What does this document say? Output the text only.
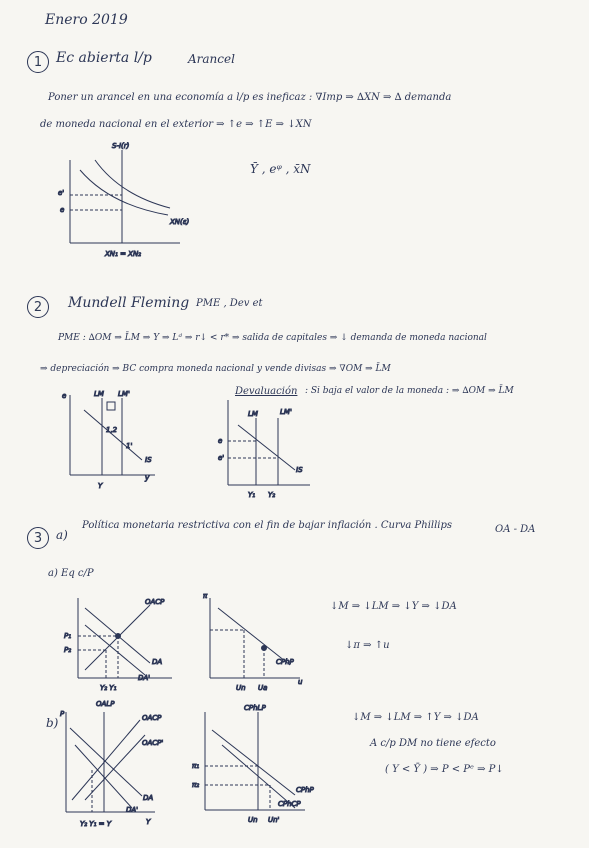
Enero 2019
1 Ec abierta l/p	Arancel
Poner un arancel en una economía a l/p es ineficaz : ∇Imp ⇒ ∆XN ⇒ ∆ demanda
de moneda nacional en el exterior ⇒ ↑e ⇒ ↑E ⇒ ↓XN
Ȳ , eᵠ , x̄N
2	Mundell Fleming PME , Dev et
PME : ∆OM ⇒ L̄M ⇒ Y ⇒ Lᵈ ⇒ r↓ < r* ⇒ salida de capitales ⇒ ↓ demanda de moneda nacional
⇒ depreciación ⇒ BC compra moneda nacional y vende divisas ⇒ ∇OM ⇒ L̄M
Devaluación : Si baja el valor de la moneda : ⇒ ∆OM ⇒ L̄M
3	a)
Política monetaria restrictiva con el fin de bajar inflación . Curva Phillips	OA - DA
a) Eq c/P
↓M ⇒ ↓LM ⇒ ↓Y ⇒ ↓DA
↓π ⇒ ↑u
b)	↓M ⇒ ↓LM ⇒ ↑Y ⇒ ↓DA
A c/p DM no tiene efecto
( Y < Ȳ ) ⇒ P < Pᵉ ⇒ P↓
S-I(r)
XN(ε)
e'
e
XN₁ = XN₂
e	LM LM'
1,2
1'
IS
Y
y
LM	LM'
e
e'
IS
Y₁ Y₂
OACP
P₁
P₂
DA
DA'
Y₂ Y₁
π
CPhP
u
Un Ua
P
OALP
OACP
OACP'
DA
DA'
Y₂ Y₁ = Y	Y
CPhLP
π₁
π₂
CPhP
CPhCP
Un Un'
